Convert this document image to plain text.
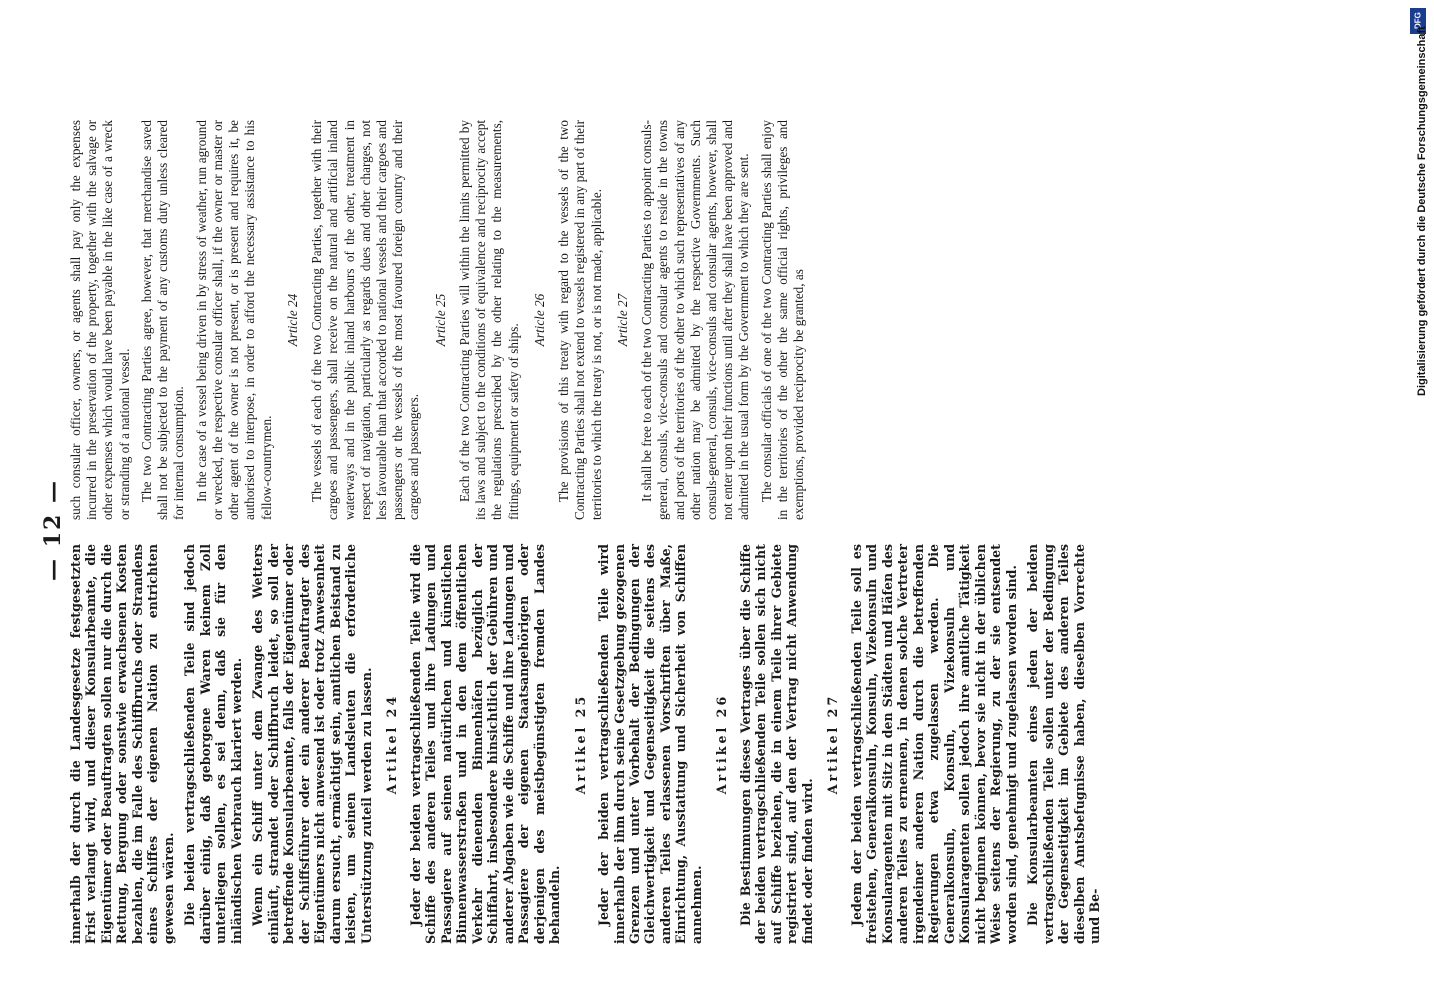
— 12 —

innerhalb der durch die Landesgesetze festgesetzten Frist verlangt wird, und dieser Konsularbeamte, die Eigentümer oder Beauftragten sollen nur die durch die Rettung, Bergung oder sonstwie erwachsenen Kosten bezahlen, die im Falle des Schiffbruchs oder Strandens eines Schiffes der eigenen Nation zu entrichten gewesen wären. Die beiden vertragschließenden Teile sind jedoch darüber einig, daß geborgene Waren keinem Zoll unterliegen sollen, es sei denn, daß sie für den inländischen Verbrauch klariert werden. Wenn ein Schiff unter dem Zwange des Wetters einläuft, strandet oder Schiffbruch leidet, so soll der betreffende Konsularbeamte, falls der Eigentümer oder der Schiffsführer oder ein anderer Beauftragter des Eigentümers nicht anwesend ist oder trotz Anwesenheit darum ersucht, ermächtigt sein, amtlichen Beistand zu leisten, um seinen Landsleuten die erforderliche Unterstützung zuteil werden zu lassen. Artikel 24 Jeder der beiden vertragschließenden Teile wird die Schiffe des anderen Teiles und ihre Ladungen und Passagiere auf seinen natürlichen und künstlichen Binnenwasserstraßen und in den dem öffentlichen Verkehr dienenden Binnenhäfen bezüglich der Schiffahrt, insbesondere hinsichtlich der Gebühren und anderer Abgaben wie die Schiffe und ihre Ladungen und Passagiere der eigenen Staatsangehörigen oder derjenigen des meistbegünstigten fremden Landes behandeln.

Artikel 25 Jeder der beiden vertragschließenden Teile wird innerhalb der ihm durch seine Gesetzgebung gezogenen Grenzen und unter Vorbehalt der Bedingungen der Gleichwertigkeit und Gegenseitigkeit die seitens des anderen Teiles erlassenen Vorschriften über Maße, Einrichtung, Ausstattung und Sicherheit von Schiffen annehmen.

Artikel 26 Die Bestimmungen dieses Vertrages über die Schiffe der beiden vertragschließenden Teile sollen sich nicht auf Schiffe beziehen, die in einem Teile ihrer Gebiete registriert sind, auf den der Vertrag nicht Anwendung findet oder finden wird.

Artikel 27 Jedem der beiden vertragschließenden Teile soll es freistehen, Generalkonsuln, Konsuln, Vizekonsuln und Konsularagenten mit Sitz in den Städten und Häfen des anderen Teiles zu ernennen, in denen solche Vertreter irgendeiner anderen Nation durch die betreffenden Regierungen etwa zugelassen werden. Die Generalkonsuln, Konsuln, Vizekonsuln und Konsularagenten sollen jedoch ihre amtliche Tätigkeit nicht beginnen können, bevor sie nicht in der üblichen Weise seitens der Regierung, zu der sie entsendet worden sind, genehmigt und zugelassen worden sind. Die Konsularbeamten eines jeden der beiden vertragschließenden Teile sollen unter der Bedingung der Gegenseitigkeit im Gebiete des anderen Teiles dieselben Amtsbefugnisse haben, dieselben Vorrechte und Be-

such consular officer, owners, or agents shall pay only the expenses incurred in the preservation of the property, together with the salvage or other expenses which would have been payable in the like case of a wreck or stranding of a national vessel. The two Contracting Parties agree, however, that merchandise saved shall not be subjected to the payment of any customs duty unless cleared for internal consumption. In the case of a vessel being driven in by stress of weather, run aground or wrecked, the respective consular officer shall, if the owner or master or other agent of the owner is not present, or is present and requires it, be authorised to interpose, in order to afford the necessary assistance to his fellow-countrymen.

Article 24 The vessels of each of the two Contracting Parties, together with their cargoes and passengers, shall receive on the natural and artificial inland waterways and in the public inland harbours of the other, treatment in respect of navigation, particularly as regards dues and other charges, not less favourable than that accorded to national vessels and their cargoes and passengers or the vessels of the most favoured foreign country and their cargoes and passengers.

Article 25 Each of the two Contracting Parties will within the limits permitted by its laws and subject to the conditions of equivalence and reciprocity accept the regulations prescribed by the other relating to the measurements, fittings, equipment or safety of ships.

Article 26 The provisions of this treaty with regard to the vessels of the two Contracting Parties shall not extend to vessels registered in any part of their territories to which the treaty is not, or is not made, applicable. Article 27 It shall be free to each of the two Contracting Parties to appoint consuls-general, consuls, vice-consuls and consular agents to reside in the towns and ports of the territories of the other to which such representatives of any other nation may be admitted by the respective Governments. Such consuls-general, consuls, vice-consuls and consular agents, however, shall not enter upon their functions until after they shall have been approved and admitted in the usual form by the Government to which they are sent. The consular officials of one of the two Contracting Parties shall enjoy in the territories of the other the same official rights, privileges and exemptions, provided reciprocity be granted, as

DFG
Digitalisierung gefördert durch die Deutsche Forschungsgemeinschaft
